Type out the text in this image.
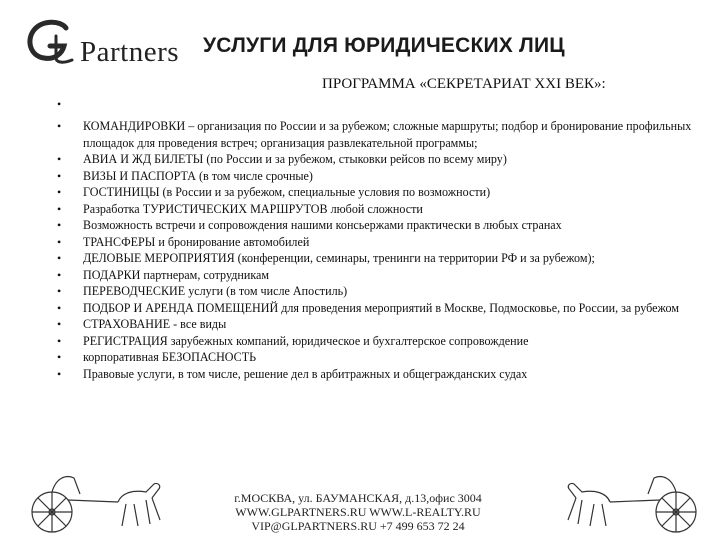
Partners УСЛУГИ ДЛЯ ЮРИДИЧЕСКИХ ЛИЦ
ПРОГРАММА «СЕКРЕТАРИАТ XXI ВЕК»:
•
•	КОМАНДИРОВКИ – организация по России и за рубежом; сложные маршруты; подбор и бронирование профильных площадок для проведения встреч; организация развлекательной программы;
•	АВИА И ЖД БИЛЕТЫ (по России и за рубежом, стыковки рейсов по всему миру)
•	ВИЗЫ И ПАСПОРТА (в том числе срочные)
•	ГОСТИНИЦЫ (в России и за рубежом, специальные условия по возможности)
•	Разработка ТУРИСТИЧЕСКИХ МАРШРУТОВ любой сложности
•	Возможность встречи и сопровождения нашими консьержами практически в любых странах
•	ТРАНСФЕРЫ и бронирование автомобилей
•	ДЕЛОВЫЕ МЕРОПРИЯТИЯ (конференции, семинары, тренинги на территории РФ и за рубежом);
•	ПОДАРКИ партнерам, сотрудникам
•	ПЕРЕВОДЧЕСКИЕ услуги (в том числе Апостиль)
•	ПОДБОР И АРЕНДА ПОМЕЩЕНИЙ для проведения мероприятий в Москве, Подмосковье, по России, за рубежом
•	СТРАХОВАНИЕ - все виды
•	РЕГИСТРАЦИЯ зарубежных компаний, юридическое и бухгалтерское сопровождение
•	корпоративная БЕЗОПАСНОСТЬ
•	Правовые услуги, в том числе, решение дел в арбитражных и общегражданских судах
г.МОСКВА, ул. БАУМАНСКАЯ, д.13,офис 3004
WWW.GLPARTNERS.RU WWW.L-REALTY.RU
VIP@GLPARTNERS.RU +7 499 653 72 24
